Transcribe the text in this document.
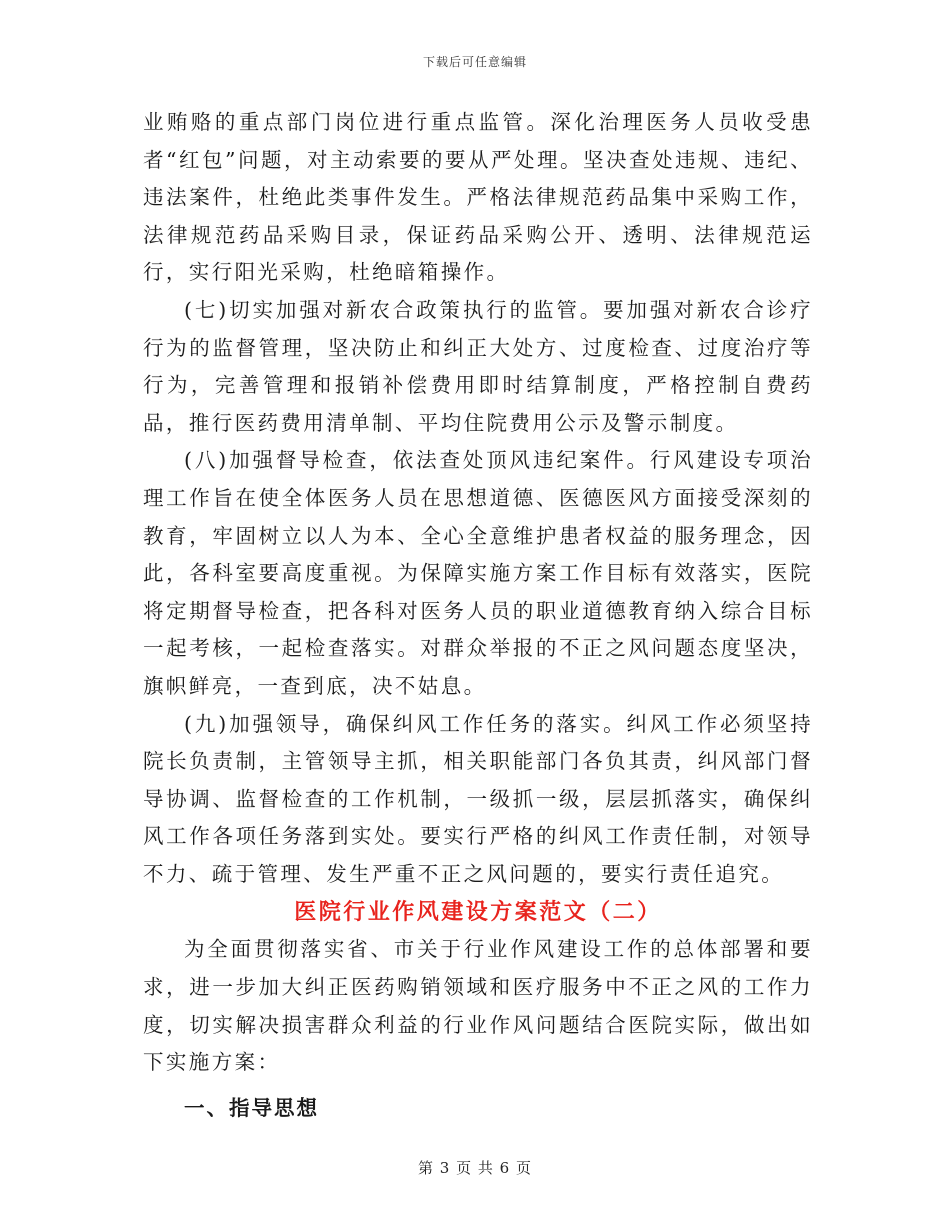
下载后可任意编辑

业贿赂的重点部门岗位进行重点监管。深化治理医务人员收受患者“红包”问题，对主动索要的要从严处理。坚决查处违规、违纪、违法案件，杜绝此类事件发生。严格法律规范药品集中采购工作，法律规范药品采购目录，保证药品采购公开、透明、法律规范运行，实行阳光采购，杜绝暗箱操作。

(七)切实加强对新农合政策执行的监管。要加强对新农合诊疗行为的监督管理，坚决防止和纠正大处方、过度检查、过度治疗等行为，完善管理和报销补偿费用即时结算制度，严格控制自费药品，推行医药费用清单制、平均住院费用公示及警示制度。

(八)加强督导检查，依法查处顶风违纪案件。行风建设专项治理工作旨在使全体医务人员在思想道德、医德医风方面接受深刻的教育，牢固树立以人为本、全心全意维护患者权益的服务理念，因此，各科室要高度重视。为保障实施方案工作目标有效落实，医院将定期督导检查，把各科对医务人员的职业道德教育纳入综合目标一起考核，一起检查落实。对群众举报的不正之风问题态度坚决，旗帜鲜亮，一查到底，决不姑息。

(九)加强领导，确保纠风工作任务的落实。纠风工作必须坚持院长负责制，主管领导主抓，相关职能部门各负其责，纠风部门督导协调、监督检查的工作机制，一级抓一级，层层抓落实，确保纠风工作各项任务落到实处。要实行严格的纠风工作责任制，对领导不力、疏于管理、发生严重不正之风问题的，要实行责任追究。

医院行业作风建设方案范文（二）

为全面贯彻落实省、市关于行业作风建设工作的总体部署和要求，进一步加大纠正医药购销领域和医疗服务中不正之风的工作力度，切实解决损害群众利益的行业作风问题结合医院实际，做出如下实施方案：

一、指导思想
第 3 页 共 6 页
